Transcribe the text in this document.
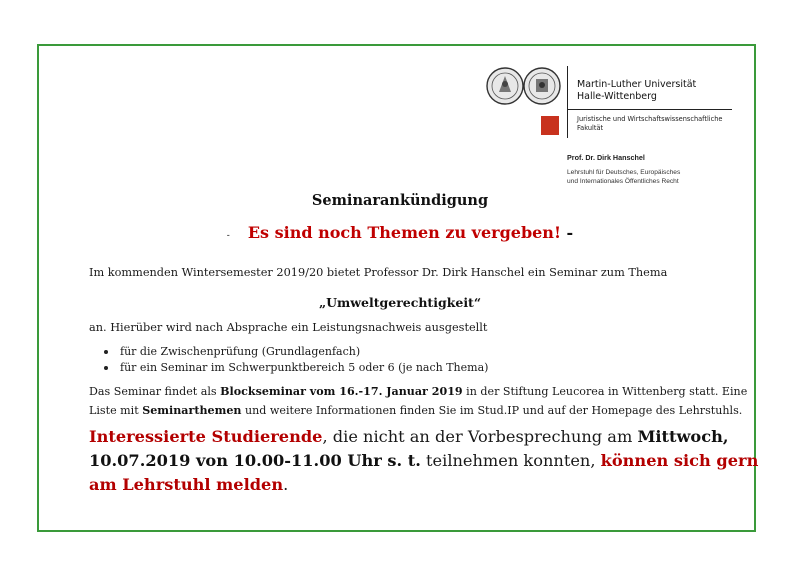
Martin-Luther Universität
Halle-Wittenberg
Juristische und Wirtschaftswissenschaftliche
Fakultät
Prof. Dr. Dirk Hanschel
Lehrstuhl für Deutsches, Europäisches
und Internationales Öffentliches Recht
Seminarankündigung
- Es sind noch Themen zu vergeben! -
Im kommenden Wintersemester 2019/20 bietet Professor Dr. Dirk Hanschel ein Seminar zum Thema
„Umweltgerechtigkeit“
an. Hierüber wird nach Absprache ein Leistungsnachweis ausgestellt
für die Zwischenprüfung (Grundlagenfach)
für ein Seminar im Schwerpunktbereich 5 oder 6 (je nach Thema)
Das Seminar findet als Blockseminar vom 16.-17. Januar 2019 in der Stiftung Leucorea in Wittenberg statt. Eine Liste mit Seminarthemen und weitere Informationen finden Sie im Stud.IP und auf der Homepage des Lehrstuhls.
Interessierte Studierende, die nicht an der Vorbesprechung am Mittwoch, 10.07.2019 von 10.00-11.00 Uhr s. t. teilnehmen konnten, können sich gern am Lehrstuhl melden.
